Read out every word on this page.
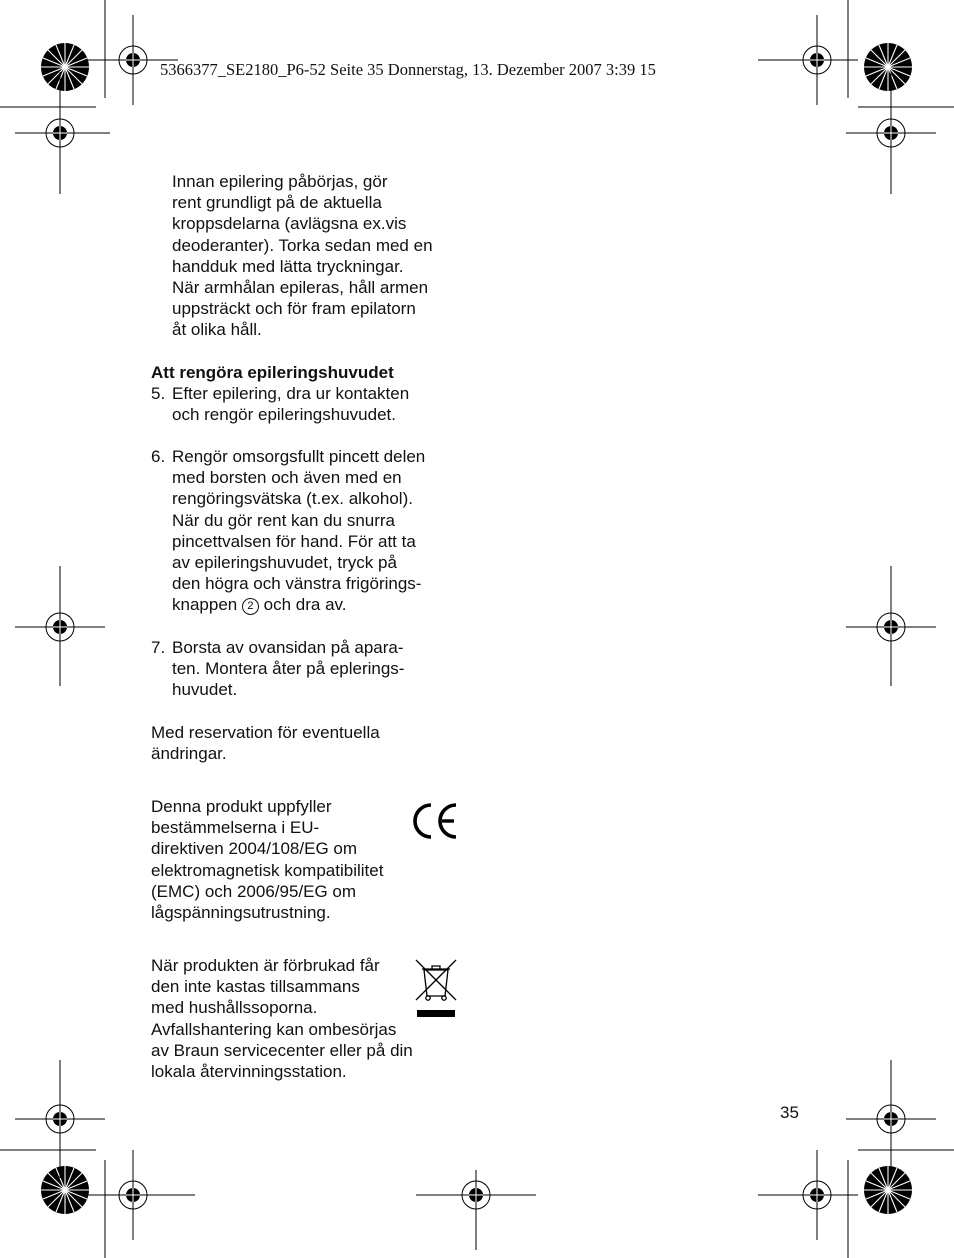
5366377_SE2180_P6-52 Seite 35 Donnerstag, 13. Dezember 2007 3:39 15
Innan epilering påbörjas, gör
rent grundligt på de aktuella
kroppsdelarna (avlägsna ex.vis
deoderanter). Torka sedan med en
handduk med lätta tryckningar.
När armhålan epileras, håll armen
uppsträckt och för fram epilatorn
åt olika håll.
Att rengöra epileringshuvudet
5. Efter epilering, dra ur kontakten
och rengör epileringshuvudet.
6. Rengör omsorgsfullt pincett delen
med borsten och även med en
rengöringsvätska (t.ex. alkohol).
När du gör rent kan du snurra
pincettvalsen för hand. För att ta
av epileringshuvudet, tryck på
den högra och vänstra frigörings-
knappen 2 och dra av.
7. Borsta av ovansidan på apara-
ten. Montera åter på eplerings-
huvudet.
Med reservation för eventuella
ändringar.
Denna produkt uppfyller
bestämmelserna i EU-
direktiven 2004/108/EG om
elektromagnetisk kompatibilitet
(EMC) och 2006/95/EG om
lågspänningsutrustning.
När produkten är förbrukad får
den inte kastas tillsammans
med hushållssoporna.
Avfallshantering kan ombesörjas
av Braun servicecenter eller på din
lokala återvinningsstation.
35
